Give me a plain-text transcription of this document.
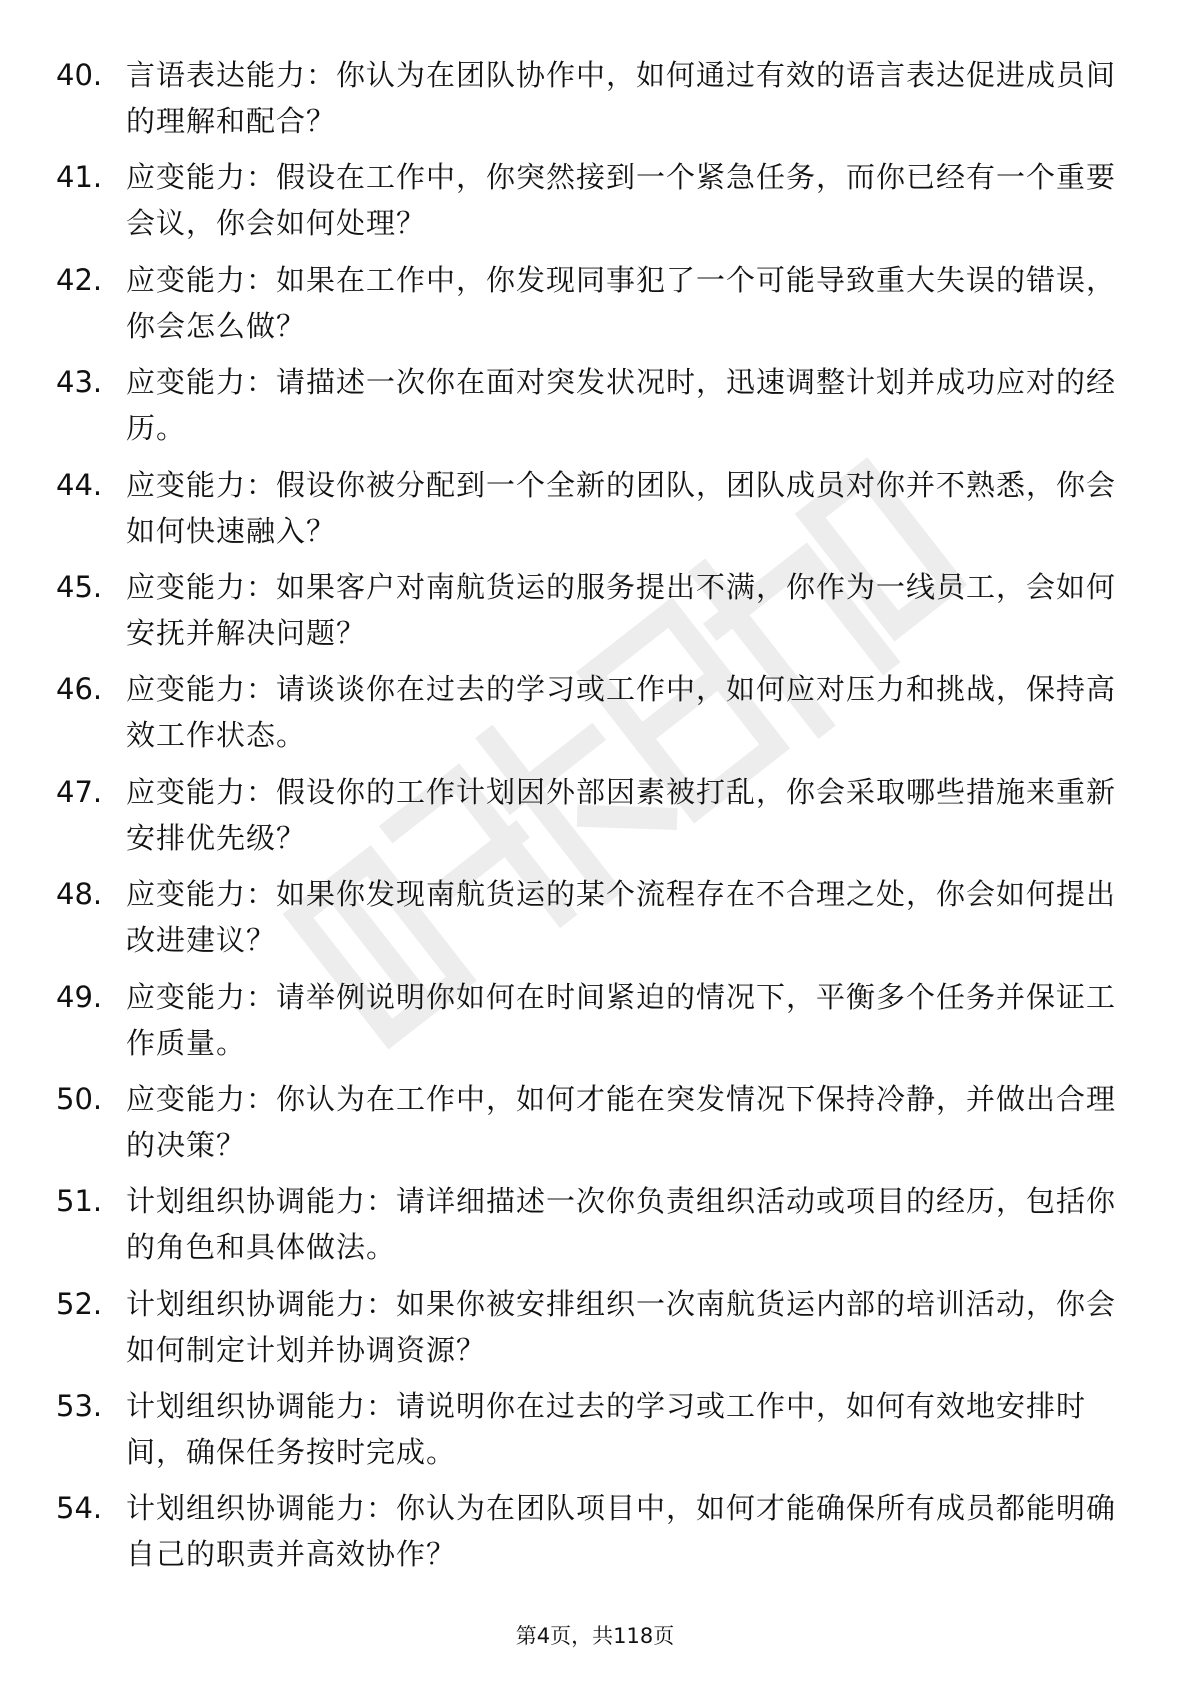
40. 言语表达能力：你认为在团队协作中，如何通过有效的语言表达促进成员间的理解和配合？
41. 应变能力：假设在工作中，你突然接到一个紧急任务，而你已经有一个重要会议，你会如何处理？
42. 应变能力：如果在工作中，你发现同事犯了一个可能导致重大失误的错误，你会怎么做？
43. 应变能力：请描述一次你在面对突发状况时，迅速调整计划并成功应对的经历。
44. 应变能力：假设你被分配到一个全新的团队，团队成员对你并不熟悉，你会如何快速融入？
45. 应变能力：如果客户对南航货运的服务提出不满，你作为一线员工，会如何安抚并解决问题？
46. 应变能力：请谈谈你在过去的学习或工作中，如何应对压力和挑战，保持高效工作状态。
47. 应变能力：假设你的工作计划因外部因素被打乱，你会采取哪些措施来重新安排优先级？
48. 应变能力：如果你发现南航货运的某个流程存在不合理之处，你会如何提出改进建议？
49. 应变能力：请举例说明你如何在时间紧迫的情况下，平衡多个任务并保证工作质量。
50. 应变能力：你认为在工作中，如何才能在突发情况下保持冷静，并做出合理的决策？
51. 计划组织协调能力：请详细描述一次你负责组织活动或项目的经历，包括你的角色和具体做法。
52. 计划组织协调能力：如果你被安排组织一次南航货运内部的培训活动，你会如何制定计划并协调资源？
53. 计划组织协调能力：请说明你在过去的学习或工作中，如何有效地安排时间，确保任务按时完成。
54. 计划组织协调能力：你认为在团队项目中，如何才能确保所有成员都能明确自己的职责并高效协作？
第4页，共118页
